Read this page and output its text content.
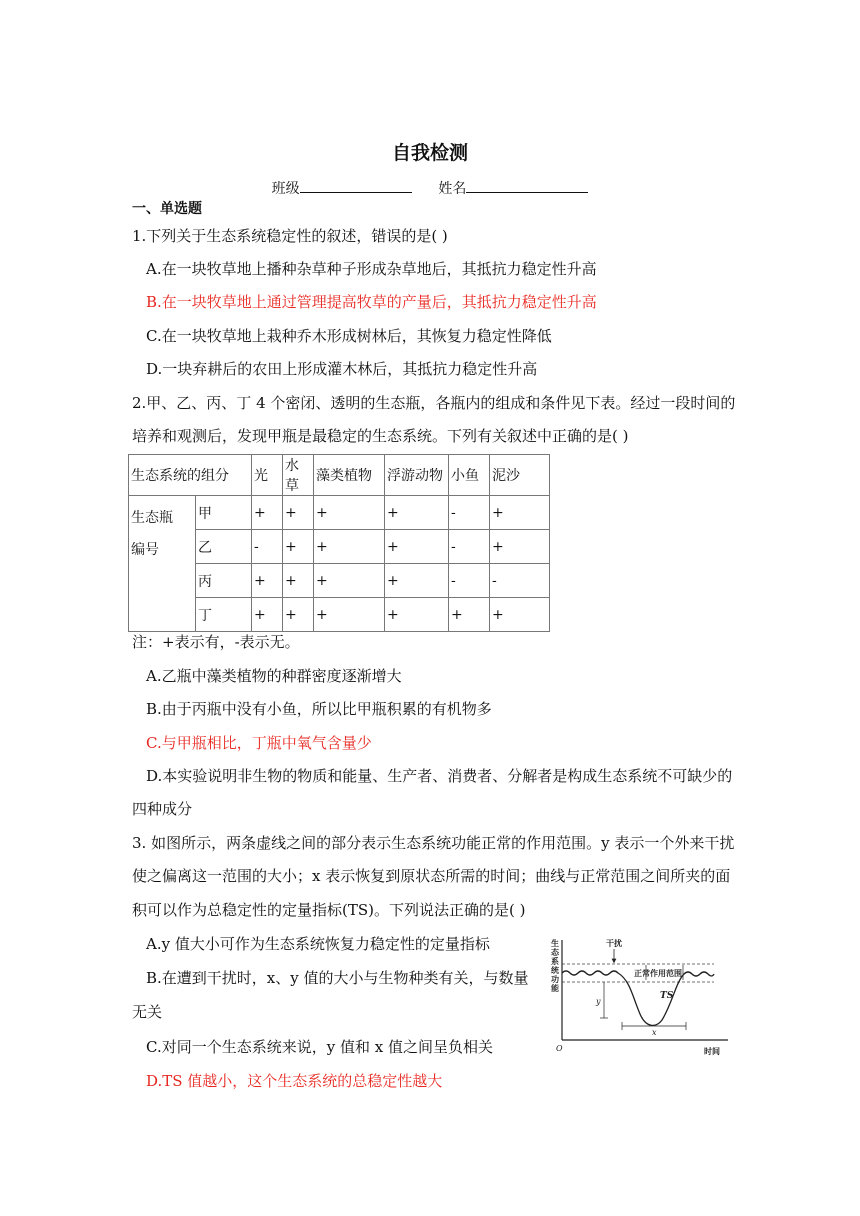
自我检测
班级	姓名
一、单选题
1.下列关于生态系统稳定性的叙述，错误的是( )
A.在一块牧草地上播种杂草种子形成杂草地后，其抵抗力稳定性升高
B.在一块牧草地上通过管理提高牧草的产量后，其抵抗力稳定性升高
C.在一块牧草地上栽种乔木形成树林后，其恢复力稳定性降低
D.一块弃耕后的农田上形成灌木林后，其抵抗力稳定性升高
2.甲、乙、丙、丁 4 个密闭、透明的生态瓶，各瓶内的组成和条件见下表。经过一段时间的
培养和观测后，发现甲瓶是最稳定的生态系统。下列有关叙述中正确的是( )
生态系统的组分		光	水草	藻类植物	浮游动物	小鱼	泥沙
生态瓶
编号	甲	+	+	+	+	-	+
	乙	-	+	+	+	-	+
	丙	+	+	+	+	-	-
	丁	+	+	+	+	+	+
注：+表示有，-表示无。
A.乙瓶中藻类植物的种群密度逐渐增大
B.由于丙瓶中没有小鱼，所以比甲瓶积累的有机物多
C.与甲瓶相比，丁瓶中氧气含量少
D.本实验说明非生物的物质和能量、生产者、消费者、分解者是构成生态系统不可缺少的
四种成分
3. 如图所示，两条虚线之间的部分表示生态系统功能正常的作用范围。y 表示一个外来干扰
使之偏离这一范围的大小；x 表示恢复到原状态所需的时间；曲线与正常范围之间所夹的面
积可以作为总稳定性的定量指标(TS)。下列说法正确的是( )
A.y 值大小可作为生态系统恢复力稳定性的定量指标
B.在遭到干扰时，x、y 值的大小与生物种类有关，与数量
无关
C.对同一个生态系统来说，y 值和 x 值之间呈负相关
D.TS 值越小，这个生态系统的总稳定性越大
生 态 系 统 功 能
O	时间
干扰
正常作用范围
y
x
TS
